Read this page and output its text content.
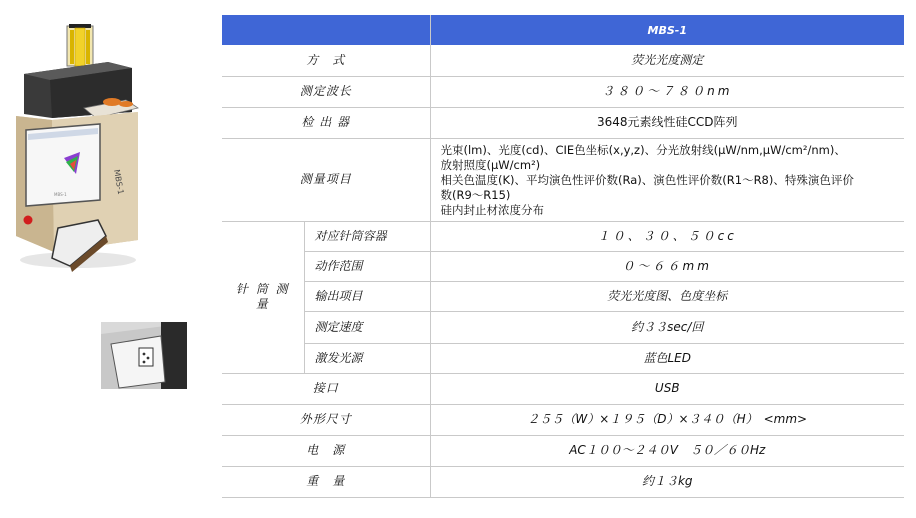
MBS-1	MBS-1
		MBS-1
方　式		荧光光度测定
测定波长		３８０～７８０nm
检 出 器		3648元素线性硅CCD阵列
测量项目		光束(lm)、光度(cd)、CIE色坐标(x,y,z)、分光放射线(μW/nm,μW/cm²/nm)、
放射照度(μW/cm²)
相关色温度(K)、平均演色性评价数(Ra)、演色性评价数(R1～R8)、特殊演色评价
数(R9～R15)
硅内封止材浓度分布

针 筒 测 量	对应针筒容器	１０、３０、５０cc
	动作范围	０～６６mm
	输出项目	荧光光度图、色度坐标
	测定速度	约３３sec/回
	激发光源	蓝色LED
接口		USB
外形尺寸		２５５（W）×１９５（D）×３４０（H）　<mm>
电　源		AC１００～２４０V　５０／６０Hz
重　量		约１３kg
